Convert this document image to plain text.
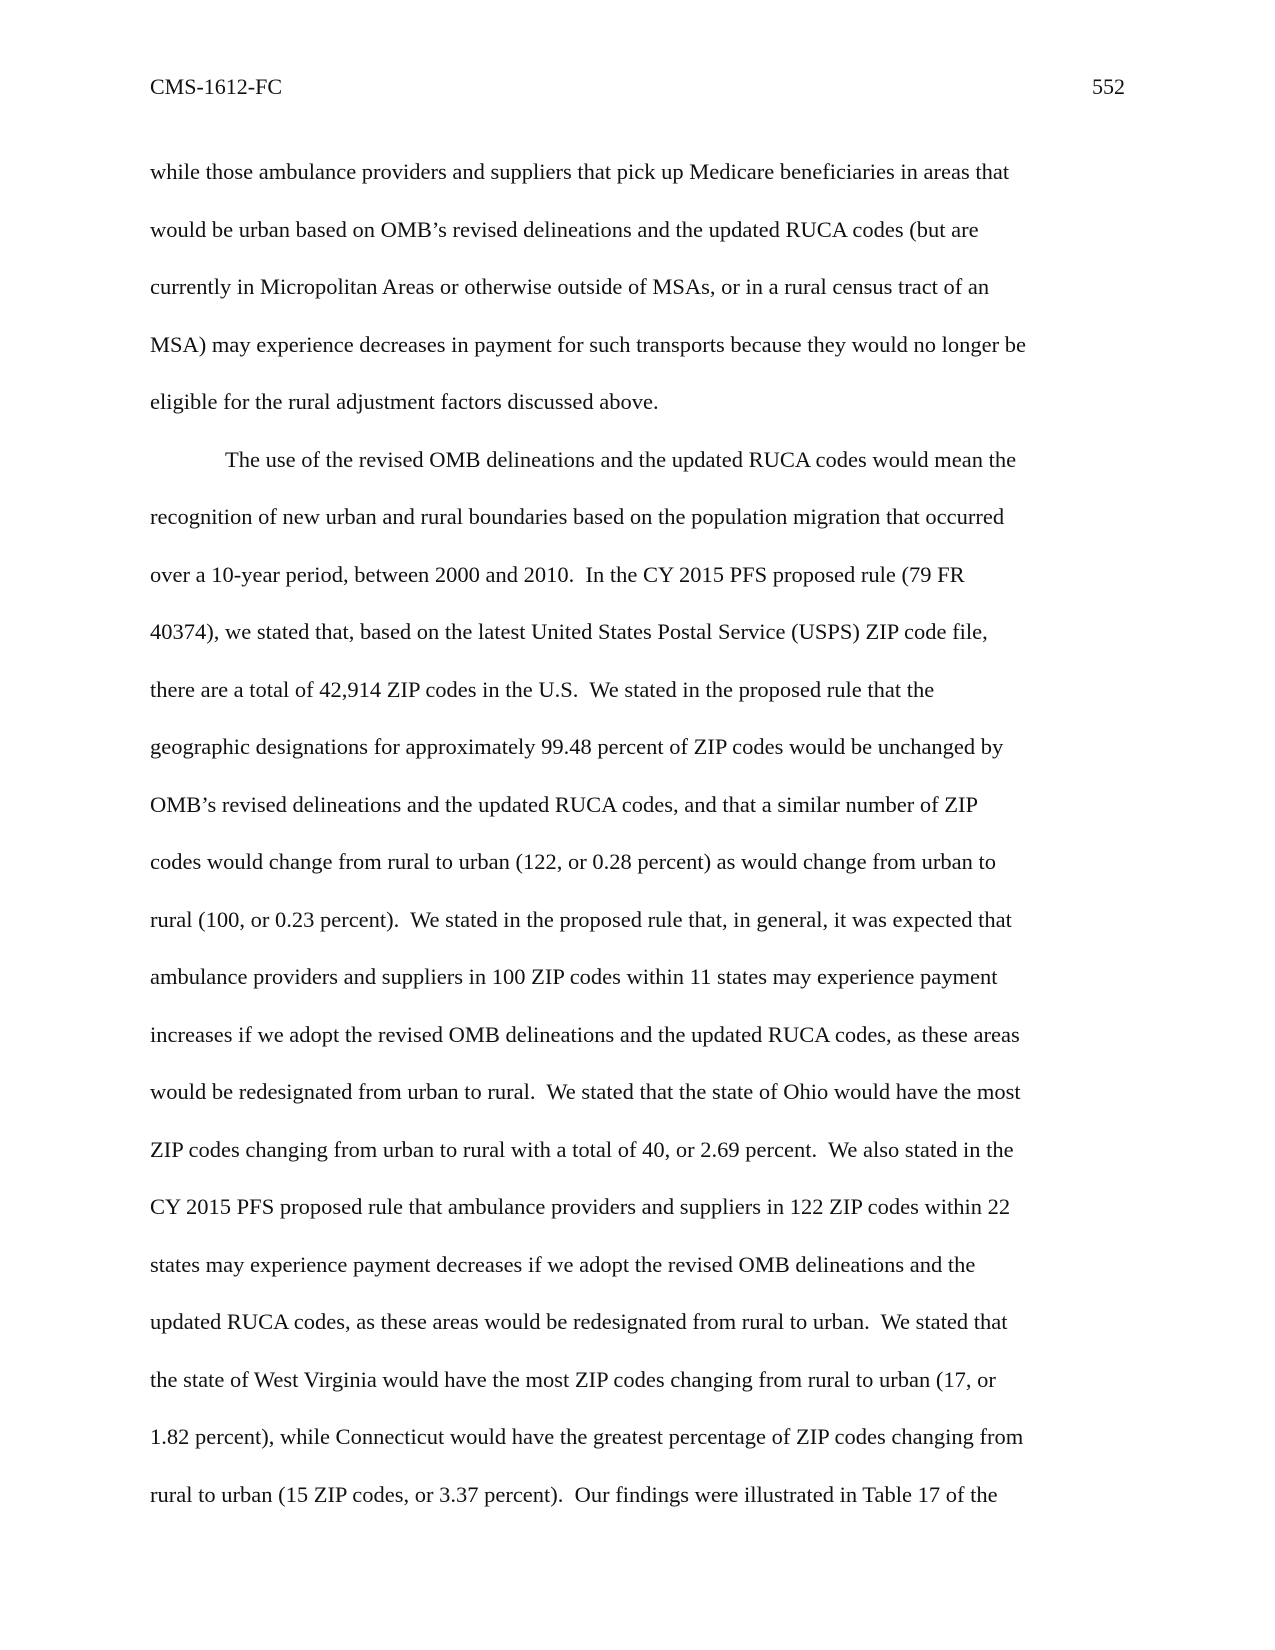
CMS-1612-FC	552
while those ambulance providers and suppliers that pick up Medicare beneficiaries in areas that
would be urban based on OMB’s revised delineations and the updated RUCA codes (but are
currently in Micropolitan Areas or otherwise outside of MSAs, or in a rural census tract of an
MSA) may experience decreases in payment for such transports because they would no longer be
eligible for the rural adjustment factors discussed above.
The use of the revised OMB delineations and the updated RUCA codes would mean the
recognition of new urban and rural boundaries based on the population migration that occurred
over a 10-year period, between 2000 and 2010.  In the CY 2015 PFS proposed rule (79 FR
40374), we stated that, based on the latest United States Postal Service (USPS) ZIP code file,
there are a total of 42,914 ZIP codes in the U.S.  We stated in the proposed rule that the
geographic designations for approximately 99.48 percent of ZIP codes would be unchanged by
OMB’s revised delineations and the updated RUCA codes, and that a similar number of ZIP
codes would change from rural to urban (122, or 0.28 percent) as would change from urban to
rural (100, or 0.23 percent).  We stated in the proposed rule that, in general, it was expected that
ambulance providers and suppliers in 100 ZIP codes within 11 states may experience payment
increases if we adopt the revised OMB delineations and the updated RUCA codes, as these areas
would be redesignated from urban to rural.  We stated that the state of Ohio would have the most
ZIP codes changing from urban to rural with a total of 40, or 2.69 percent.  We also stated in the
CY 2015 PFS proposed rule that ambulance providers and suppliers in 122 ZIP codes within 22
states may experience payment decreases if we adopt the revised OMB delineations and the
updated RUCA codes, as these areas would be redesignated from rural to urban.  We stated that
the state of West Virginia would have the most ZIP codes changing from rural to urban (17, or
1.82 percent), while Connecticut would have the greatest percentage of ZIP codes changing from
rural to urban (15 ZIP codes, or 3.37 percent).  Our findings were illustrated in Table 17 of the
